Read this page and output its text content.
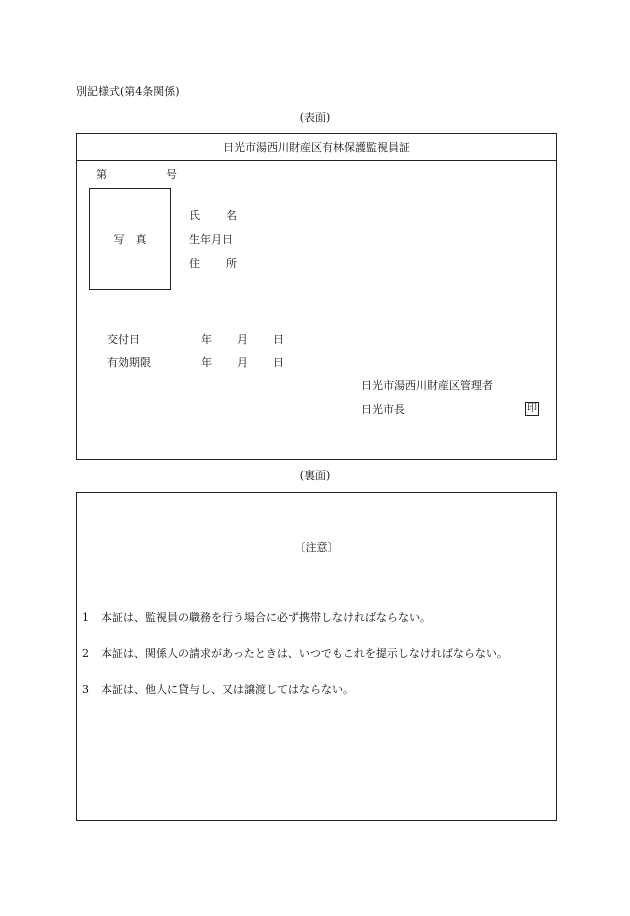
別記様式(第4条関係)
(表面)
日光市湯西川財産区有林保護監視員証
第	号
写　真
氏 名
生年月日
住 所
交付日	年 月 日
有効期限	年 月 日
日光市湯西川財産区管理者
日光市長	印
(裏面)
〔注意〕
1 本証は、監視員の職務を行う場合に必ず携帯しなければならない。
2 本証は、関係人の請求があったときは、いつでもこれを提示しなければならない。
3 本証は、他人に貸与し、又は譲渡してはならない。
